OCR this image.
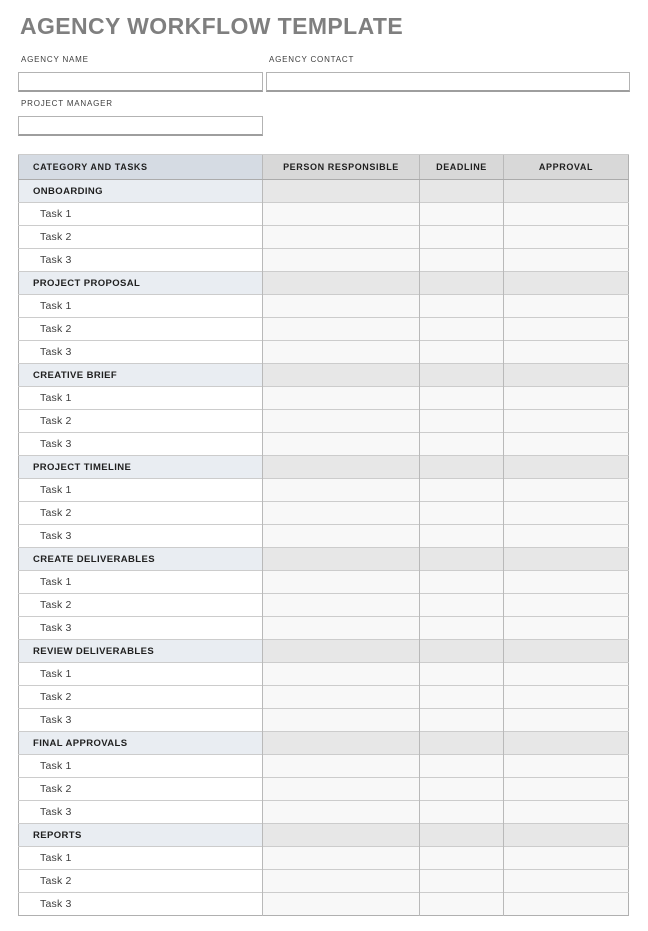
AGENCY WORKFLOW TEMPLATE
AGENCY NAME	AGENCY CONTACT
PROJECT MANAGER
CATEGORY AND TASKS	PERSON RESPONSIBLE	DEADLINE	APPROVAL
ONBOARDING			
Task 1			
Task 2			
Task 3			
PROJECT PROPOSAL			
Task 1			
Task 2			
Task 3			
CREATIVE BRIEF			
Task 1			
Task 2			
Task 3			
PROJECT TIMELINE			
Task 1			
Task 2			
Task 3			
CREATE DELIVERABLES			
Task 1			
Task 2			
Task 3			
REVIEW DELIVERABLES			
Task 1			
Task 2			
Task 3			
FINAL APPROVALS			
Task 1			
Task 2			
Task 3			
REPORTS			
Task 1			
Task 2			
Task 3			
